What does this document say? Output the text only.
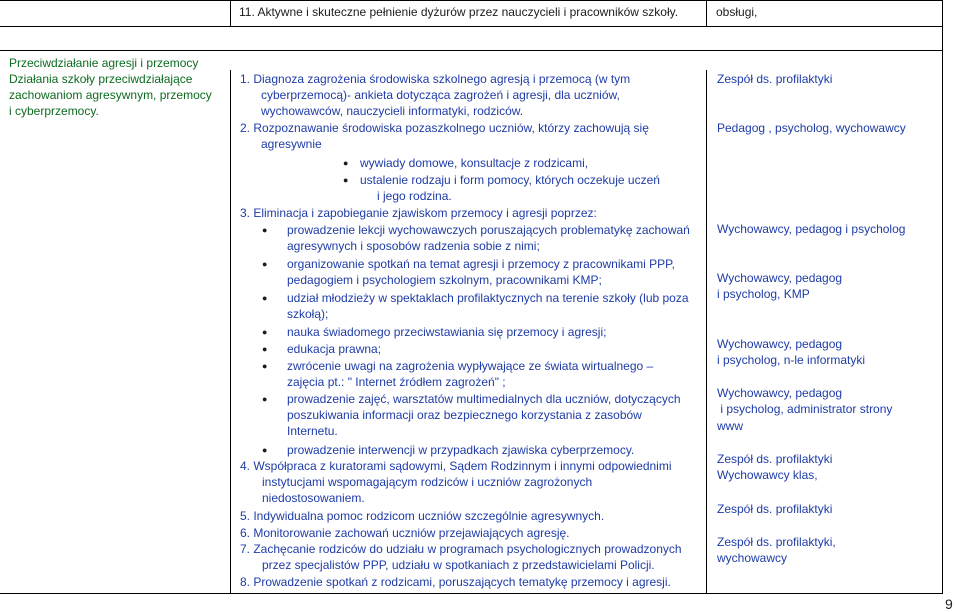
11. Aktywne i skuteczne pełnienie dyżurów przez nauczycieli i pracowników szkoły.	obsługi,
Przeciwdziałanie agresji i przemocy
Działania szkoły przeciwdziałające
zachowaniom agresywnym, przemocy
i cyberprzemocy.
1. Diagnoza zagrożenia środowiska szkolnego agresją i przemocą (w tym
cyberprzemocą)- ankieta dotycząca zagrożeń i agresji, dla uczniów,
wychowawców, nauczycieli informatyki, rodziców.
2. Rozpoznawanie środowiska pozaszkolnego uczniów, którzy zachowują się
agresywnie
●
wywiady domowe, konsultacje z rodzicami,
●
ustalenie rodzaju i form pomocy, których oczekuje uczeń
i jego rodzina.
3. Eliminacja i zapobieganie zjawiskom przemocy i agresji poprzez:
●
prowadzenie lekcji wychowawczych poruszających problematykę zachowań
agresywnych i sposobów radzenia sobie z nimi;
●
organizowanie spotkań na temat agresji i przemocy z pracownikami PPP,
pedagogiem i psychologiem szkolnym, pracownikami KMP;
●
udział młodzieży w spektaklach profilaktycznych na terenie szkoły (lub poza
szkołą);
●
nauka świadomego przeciwstawiania się przemocy i agresji;
●
edukacja prawna;
●
zwrócenie uwagi na zagrożenia wypływające ze świata wirtualnego –
zajęcia pt.: " Internet źródłem zagrożeń" ;
●
prowadzenie zajęć, warsztatów multimedialnych dla uczniów, dotyczących
poszukiwania informacji oraz bezpiecznego korzystania z zasobów
Internetu.
●
prowadzenie interwencji w przypadkach zjawiska cyberprzemocy.
4. Współpraca z kuratorami sądowymi, Sądem Rodzinnym i innymi odpowiednimi
instytucjami wspomagającym rodziców i uczniów zagrożonych
niedostosowaniem.
5. Indywidualna pomoc rodzicom uczniów szczególnie agresywnych.
6. Monitorowanie zachowań uczniów przejawiających agresję.
7. Zachęcanie rodziców do udziału w programach psychologicznych prowadzonych
przez specjalistów PPP, udziału w spotkaniach z przedstawicielami Policji.
8. Prowadzenie spotkań z rodzicami, poruszających tematykę przemocy i agresji.
Zespół ds. profilaktyki
Pedagog , psycholog, wychowawcy
Wychowawcy, pedagog i psycholog
Wychowawcy, pedagog
i psycholog, KMP
Wychowawcy, pedagog
i psycholog, n-le informatyki
Wychowawcy, pedagog
i psycholog, administrator strony
www
Zespół ds. profilaktyki
Wychowawcy klas,
Zespół ds. profilaktyki
Zespół ds. profilaktyki,
wychowawcy
9
